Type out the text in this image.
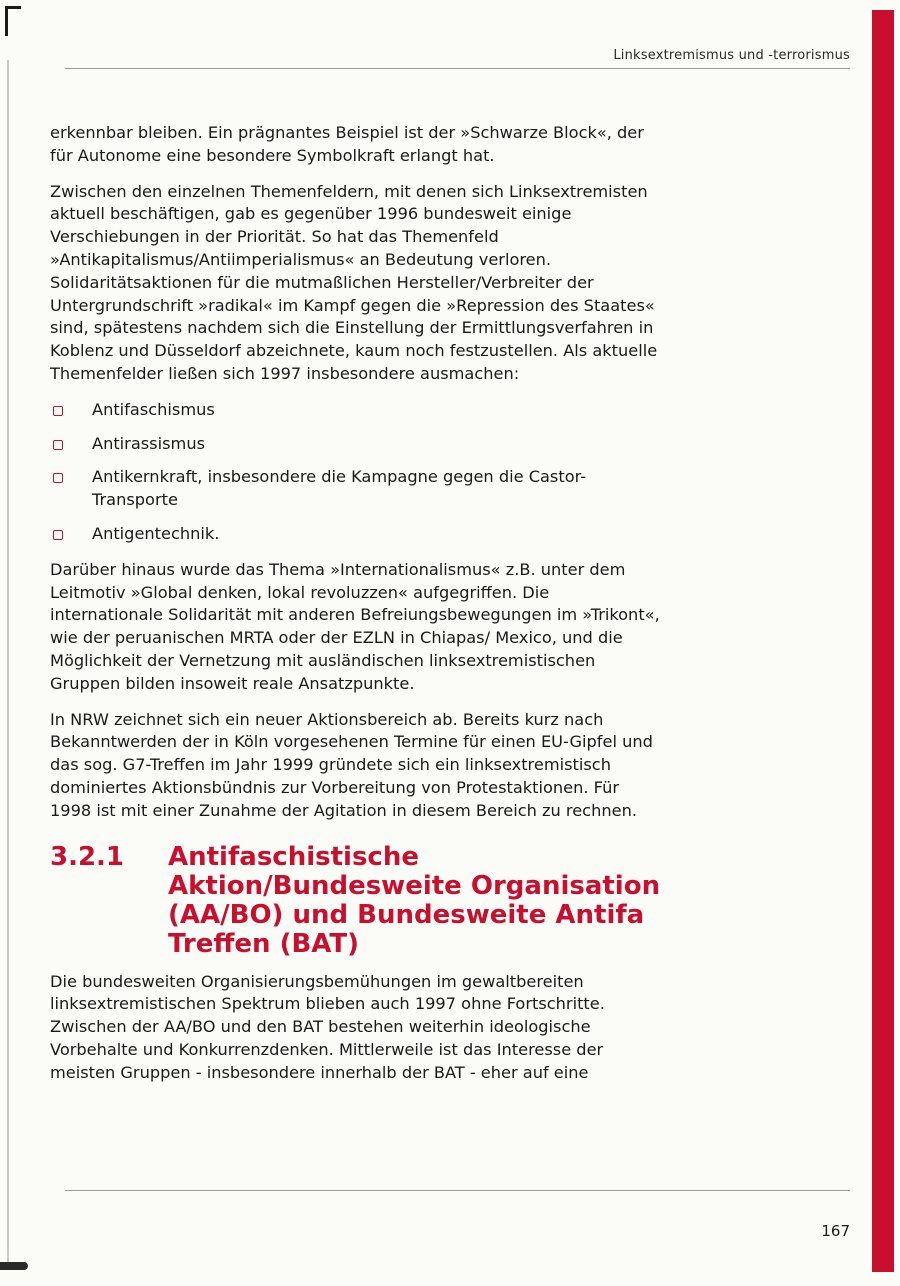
Linksextremismus und -terrorismus

erkennbar bleiben. Ein prägnantes Beispiel ist der »Schwarze Block«, der für Autonome eine besondere Symbolkraft erlangt hat.

Zwischen den einzelnen Themenfeldern, mit denen sich Linksextremisten aktuell beschäftigen, gab es gegenüber 1996 bundesweit einige Verschiebungen in der Priorität. So hat das Themenfeld »Antikapitalismus/Antiimperialismus« an Bedeutung verloren. Solidaritätsaktionen für die mutmaßlichen Hersteller/Verbreiter der Untergrundschrift »radikal« im Kampf gegen die »Repression des Staates« sind, spätestens nachdem sich die Einstellung der Ermittlungsverfahren in Koblenz und Düsseldorf abzeichnete, kaum noch festzustellen. Als aktuelle Themenfelder ließen sich 1997 insbesondere ausmachen:

Antifaschismus
Antirassismus
Antikernkraft, insbesondere die Kampagne gegen die Castor-Transporte
Antigentechnik.

Darüber hinaus wurde das Thema »Internationalismus« z.B. unter dem Leitmotiv »Global denken, lokal revoluzzen« aufgegriffen. Die internationale Solidarität mit anderen Befreiungsbewegungen im »Trikont«, wie der peruanischen MRTA oder der EZLN in Chiapas/ Mexico, und die Möglichkeit der Vernetzung mit ausländischen linksextremistischen Gruppen bilden insoweit reale Ansatzpunkte.

In NRW zeichnet sich ein neuer Aktionsbereich ab. Bereits kurz nach Bekanntwerden der in Köln vorgesehenen Termine für einen EU-Gipfel und das sog. G7-Treffen im Jahr 1999 gründete sich ein linksextremistisch dominiertes Aktionsbündnis zur Vorbereitung von Protestaktionen. Für 1998 ist mit einer Zunahme der Agitation in diesem Bereich zu rechnen.

3.2.1	Antifaschistische Aktion/Bundesweite Organisation (AA/BO) und Bundesweite Antifa Treffen (BAT)

Die bundesweiten Organisierungsbemühungen im gewaltbereiten linksextremistischen Spektrum blieben auch 1997 ohne Fortschritte. Zwischen der AA/BO und den BAT bestehen weiterhin ideologische Vorbehalte und Konkurrenzdenken. Mittlerweile ist das Interesse der meisten Gruppen - insbesondere innerhalb der BAT - eher auf eine

167
